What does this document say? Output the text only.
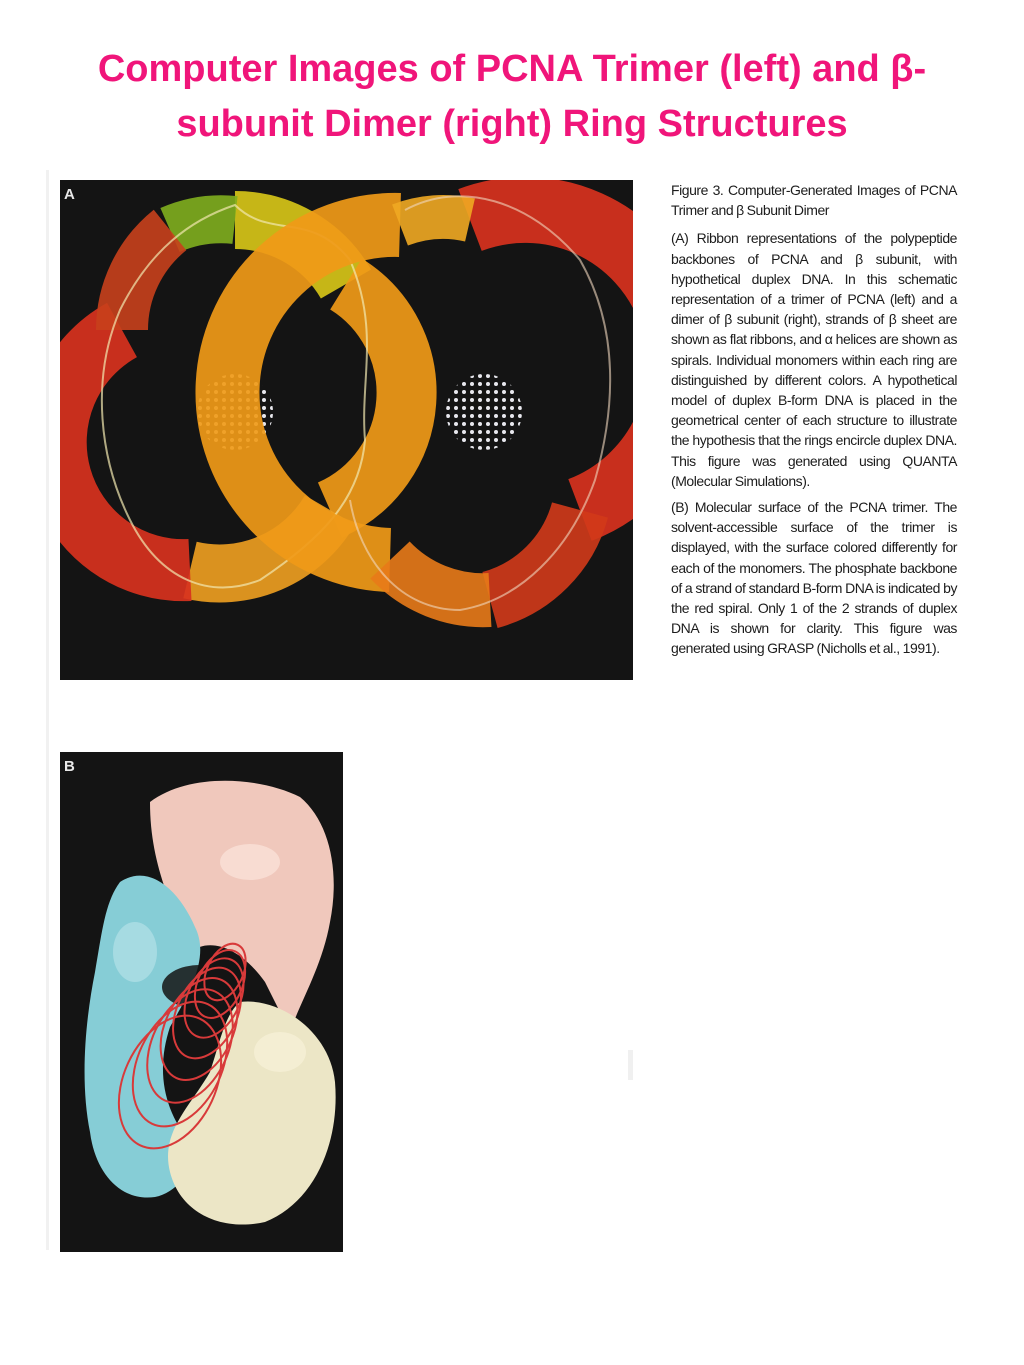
Computer Images of PCNA Trimer (left) and β-
subunit Dimer (right) Ring Structures
A
B

Figure 3. Computer-Generated Images of PCNA Trimer and β Subunit Dimer

(A) Ribbon representations of the polypeptide backbones of PCNA and β subunit, with hypothetical duplex DNA. In this schematic representation of a trimer of PCNA (left) and a dimer of β subunit (right), strands of β sheet are shown as flat ribbons, and α helices are shown as spirals. Individual monomers within each ring are distinguished by different colors. A hypothetical model of duplex B-form DNA is placed in the geometrical center of each structure to illustrate the hypothesis that the rings encircle duplex DNA. This figure was generated using QUANTA (Molecular Simulations).

(B) Molecular surface of the PCNA trimer. The solvent-accessible surface of the trimer is displayed, with the surface colored differently for each of the monomers. The phosphate backbone of a strand of standard B-form DNA is indicated by the red spiral. Only 1 of the 2 strands of duplex DNA is shown for clarity. This figure was generated using GRASP (Nicholls et al., 1991).
